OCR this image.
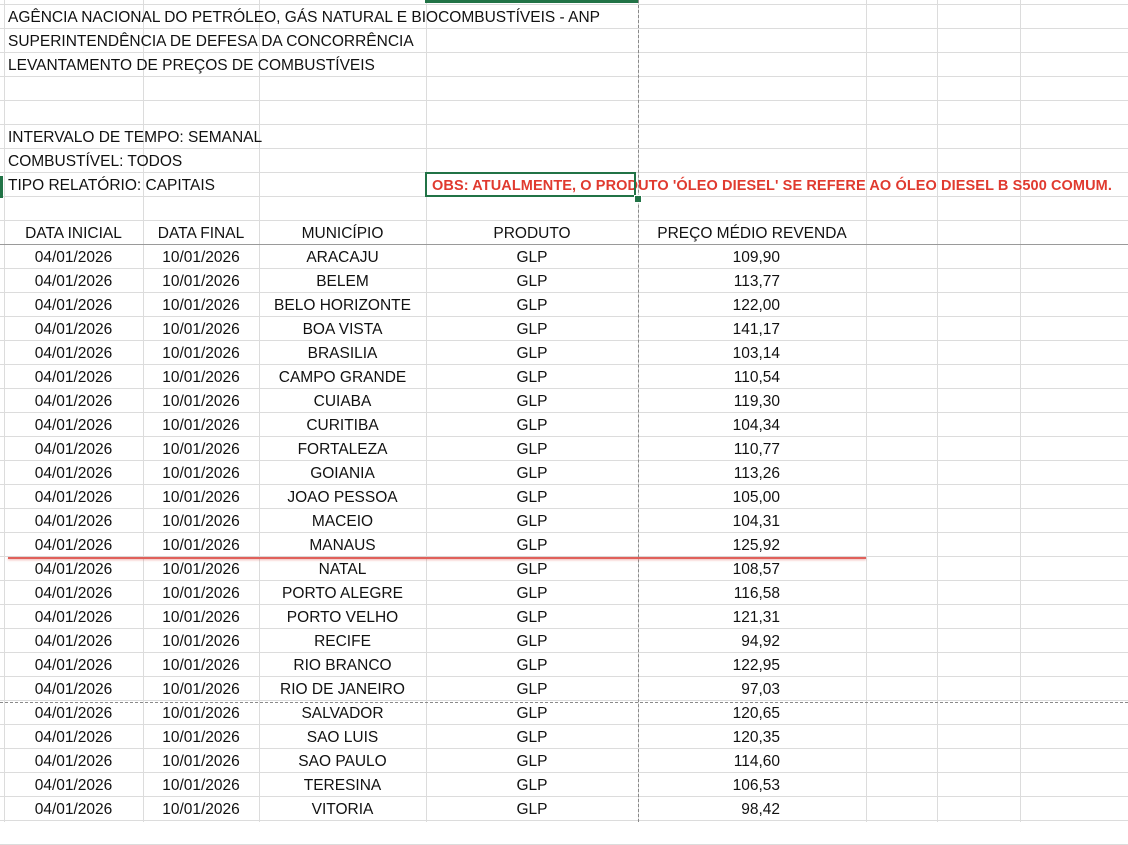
AGÊNCIA NACIONAL DO PETRÓLEO, GÁS NATURAL E BIOCOMBUSTÍVEIS - ANP
SUPERINTENDÊNCIA DE DEFESA DA CONCORRÊNCIA
LEVANTAMENTO DE PREÇOS DE COMBUSTÍVEIS
INTERVALO DE TEMPO: SEMANAL
COMBUSTÍVEL: TODOS
TIPO RELATÓRIO: CAPITAIS	OBS: ATUALMENTE, O PRODUTO 'ÓLEO DIESEL' SE REFERE AO ÓLEO DIESEL B S500 COMUM.
DATA INICIAL	DATA FINAL	MUNICÍPIO	PRODUTO	PREÇO MÉDIO REVENDA
04/01/2026	10/01/2026	ARACAJU	GLP	109,90
04/01/2026	10/01/2026	BELEM	GLP	113,77
04/01/2026	10/01/2026	BELO HORIZONTE	GLP	122,00
04/01/2026	10/01/2026	BOA VISTA	GLP	141,17
04/01/2026	10/01/2026	BRASILIA	GLP	103,14
04/01/2026	10/01/2026	CAMPO GRANDE	GLP	110,54
04/01/2026	10/01/2026	CUIABA	GLP	119,30
04/01/2026	10/01/2026	CURITIBA	GLP	104,34
04/01/2026	10/01/2026	FORTALEZA	GLP	110,77
04/01/2026	10/01/2026	GOIANIA	GLP	113,26
04/01/2026	10/01/2026	JOAO PESSOA	GLP	105,00
04/01/2026	10/01/2026	MACEIO	GLP	104,31
04/01/2026	10/01/2026	MANAUS	GLP	125,92
04/01/2026	10/01/2026	NATAL	GLP	108,57
04/01/2026	10/01/2026	PORTO ALEGRE	GLP	116,58
04/01/2026	10/01/2026	PORTO VELHO	GLP	121,31
04/01/2026	10/01/2026	RECIFE	GLP	94,92
04/01/2026	10/01/2026	RIO BRANCO	GLP	122,95
04/01/2026	10/01/2026	RIO DE JANEIRO	GLP	97,03
04/01/2026	10/01/2026	SALVADOR	GLP	120,65
04/01/2026	10/01/2026	SAO LUIS	GLP	120,35
04/01/2026	10/01/2026	SAO PAULO	GLP	114,60
04/01/2026	10/01/2026	TERESINA	GLP	106,53
04/01/2026	10/01/2026	VITORIA	GLP	98,42
